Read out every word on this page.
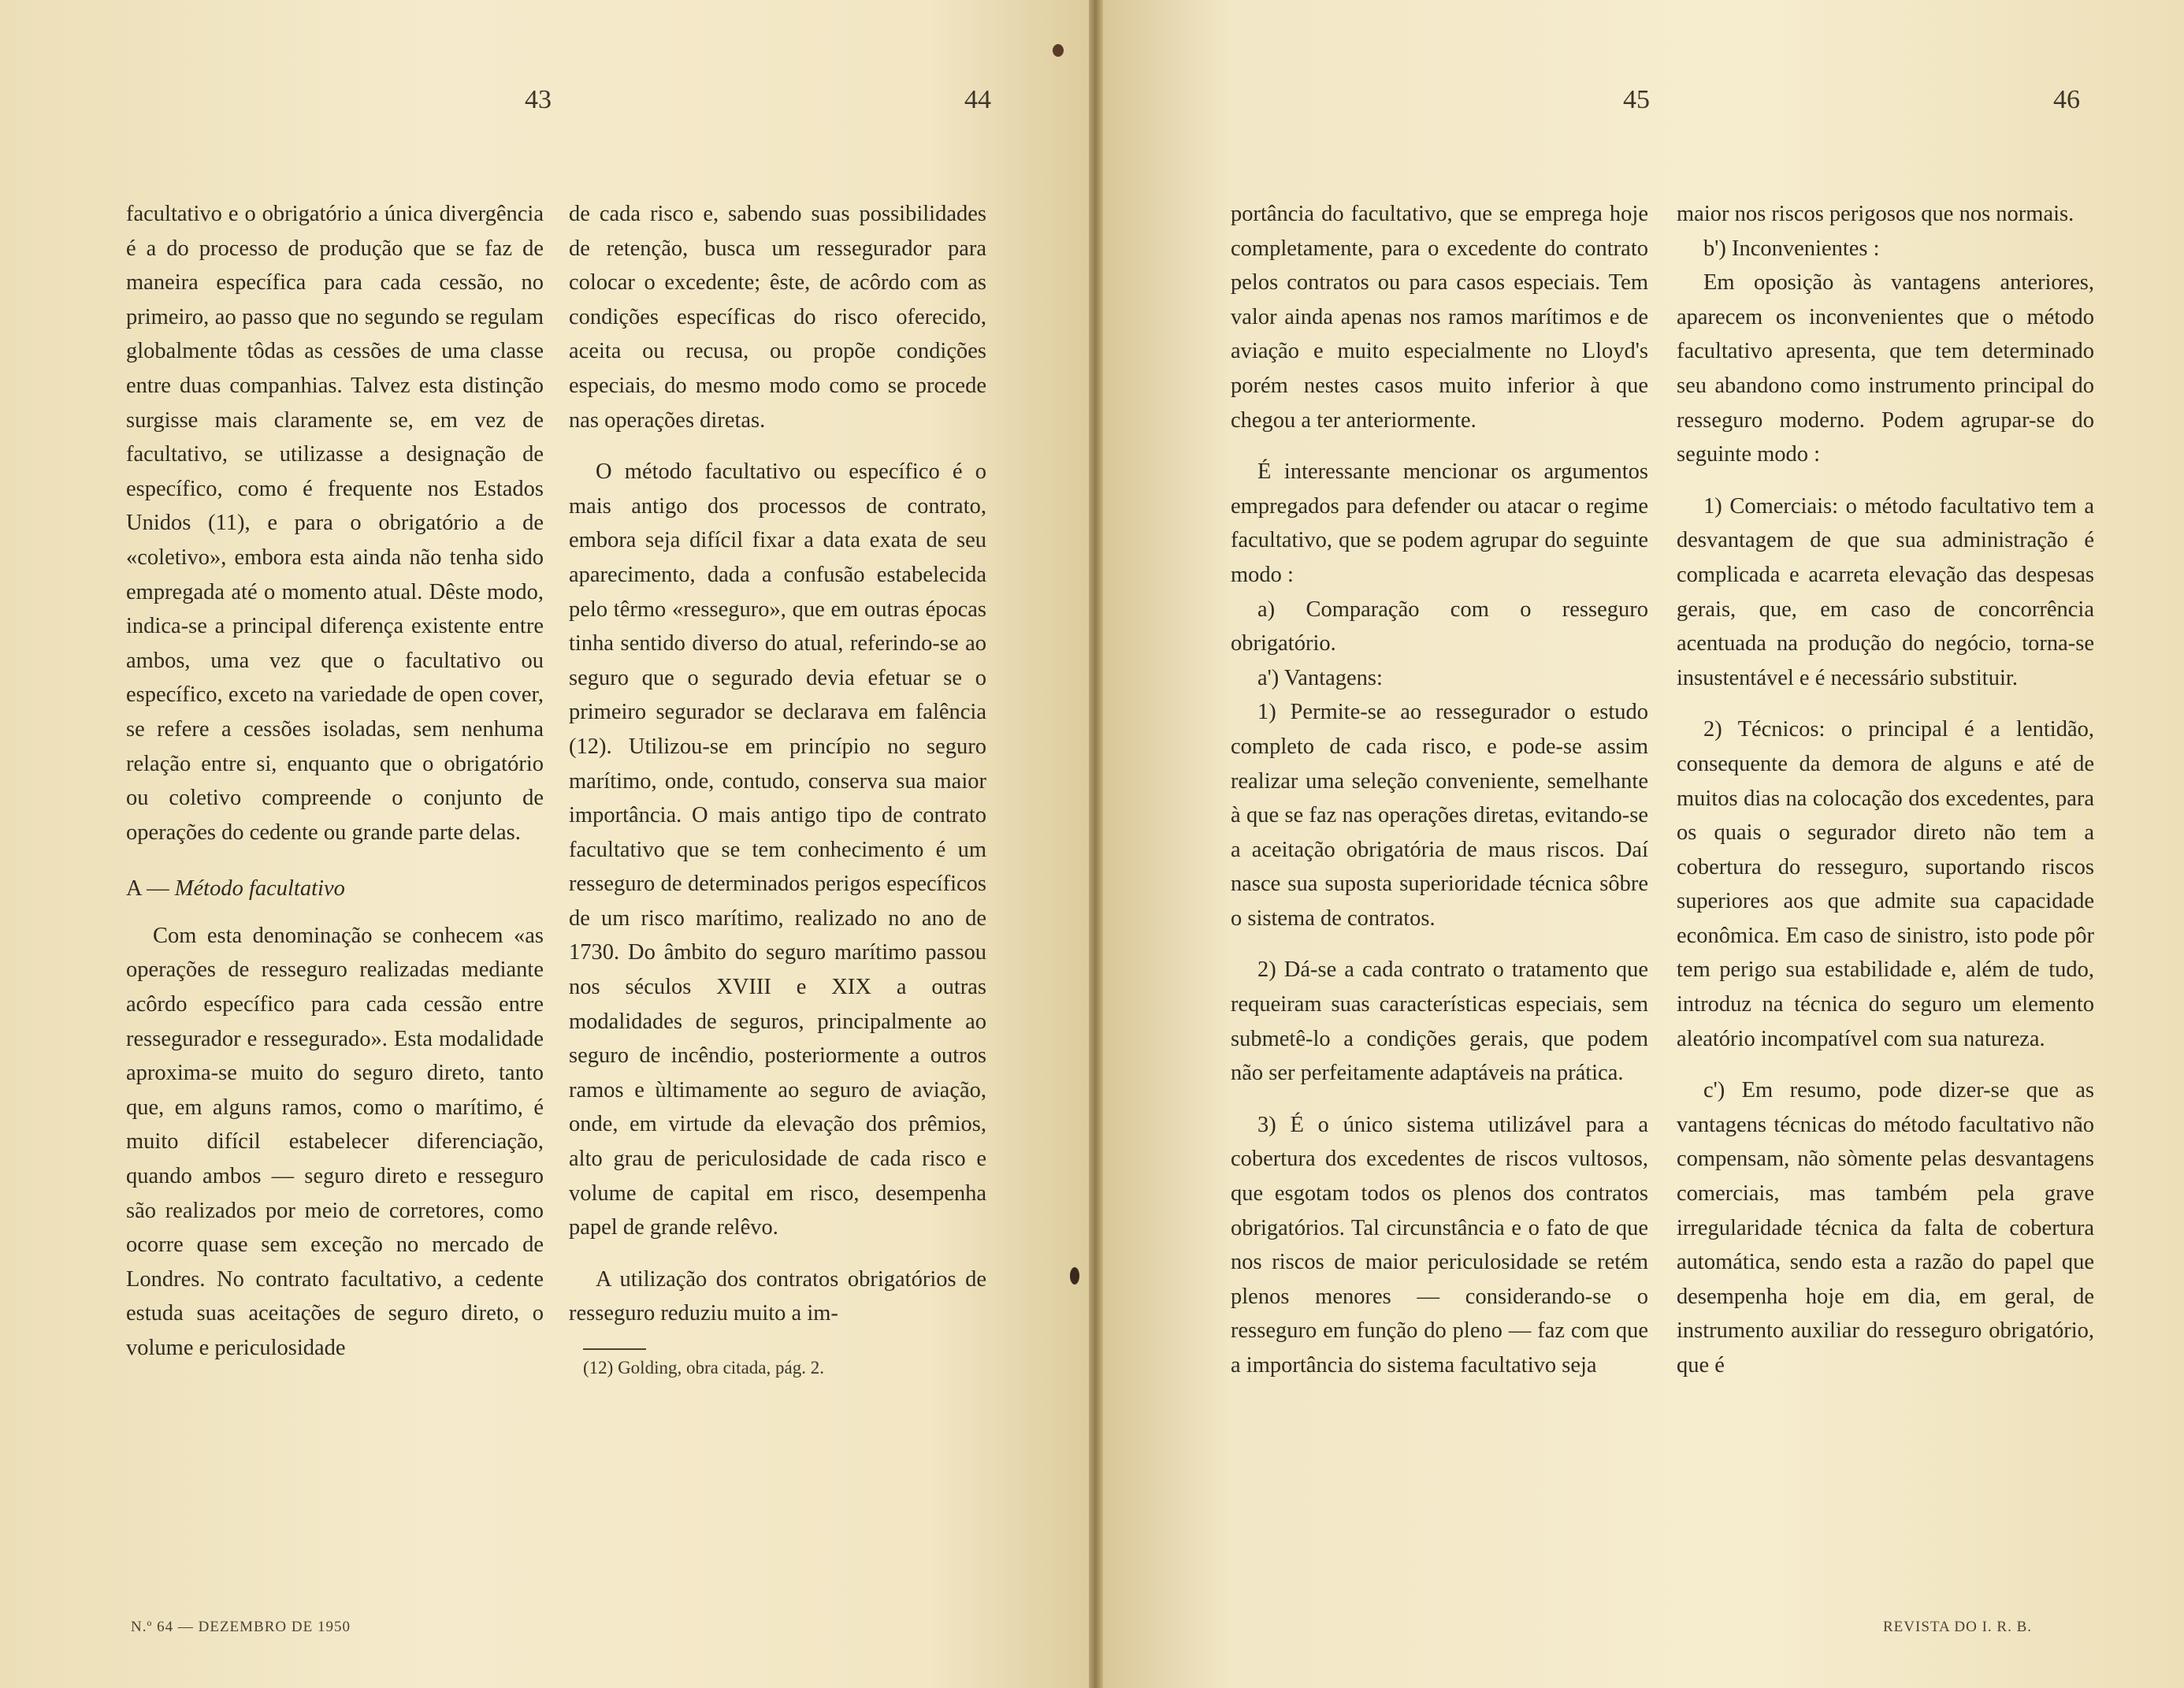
43	44	45	46

facultativo e o obrigatório a única divergência é a do processo de produção que se faz de maneira específica para cada cessão, no primeiro, ao passo que no segundo se regulam globalmente tôdas as cessões de uma classe entre duas companhias. Talvez esta distinção surgisse mais claramente se, em vez de facultativo, se utilizasse a designação de específico, como é frequente nos Estados Unidos (11), e para o obrigatório a de «coletivo», embora esta ainda não tenha sido empregada até o momento atual. Dêste modo, indica-se a principal diferença existente entre ambos, uma vez que o facultativo ou específico, exceto na variedade de open cover, se refere a cessões isoladas, sem nenhuma relação entre si, enquanto que o obrigatório ou coletivo compreende o conjunto de operações do cedente ou grande parte delas.

A — Método facultativo

Com esta denominação se conhecem «as operações de resseguro realizadas mediante acôrdo específico para cada cessão entre ressegurador e ressegurado». Esta modalidade aproxima-se muito do seguro direto, tanto que, em alguns ramos, como o marítimo, é muito difícil estabelecer diferenciação, quando ambos — seguro direto e resseguro são realizados por meio de corretores, como ocorre quase sem exceção no mercado de Londres. No contrato facultativo, a cedente estuda suas aceitações de seguro direto, o volume e periculosidade

de cada risco e, sabendo suas possibilidades de retenção, busca um ressegurador para colocar o excedente; êste, de acôrdo com as condições específicas do risco oferecido, aceita ou recusa, ou propõe condições especiais, do mesmo modo como se procede nas operações diretas.

O método facultativo ou específico é o mais antigo dos processos de contrato, embora seja difícil fixar a data exata de seu aparecimento, dada a confusão estabelecida pelo têrmo «resseguro», que em outras épocas tinha sentido diverso do atual, referindo-se ao seguro que o segurado devia efetuar se o primeiro segurador se declarava em falência (12). Utilizou-se em princípio no seguro marítimo, onde, contudo, conserva sua maior importância. O mais antigo tipo de contrato facultativo que se tem conhecimento é um resseguro de determinados perigos específicos de um risco marítimo, realizado no ano de 1730. Do âmbito do seguro marítimo passou nos séculos XVIII e XIX a outras modalidades de seguros, principalmente ao seguro de incêndio, posteriormente a outros ramos e ùltimamente ao seguro de aviação, onde, em virtude da elevação dos prêmios, alto grau de periculosidade de cada risco e volume de capital em risco, desempenha papel de grande relêvo.

A utilização dos contratos obrigatórios de resseguro reduziu muito a im-

(12) Golding, obra citada, pág. 2.

portância do facultativo, que se emprega hoje completamente, para o excedente do contrato pelos contratos ou para casos especiais. Tem valor ainda apenas nos ramos marítimos e de aviação e muito especialmente no Lloyd's porém nestes casos muito inferior à que chegou a ter anteriormente.

É interessante mencionar os argumentos empregados para defender ou atacar o regime facultativo, que se podem agrupar do seguinte modo :

a) Comparação com o resseguro obrigatório.

a') Vantagens:

1) Permite-se ao ressegurador o estudo completo de cada risco, e pode-se assim realizar uma seleção conveniente, semelhante à que se faz nas operações diretas, evitando-se a aceitação obrigatória de maus riscos. Daí nasce sua suposta superioridade técnica sôbre o sistema de contratos.

2) Dá-se a cada contrato o tratamento que requeiram suas características especiais, sem submetê-lo a condições gerais, que podem não ser perfeitamente adaptáveis na prática.

3) É o único sistema utilizável para a cobertura dos excedentes de riscos vultosos, que esgotam todos os plenos dos contratos obrigatórios. Tal circunstância e o fato de que nos riscos de maior periculosidade se retém plenos menores — considerando-se o resseguro em função do pleno — faz com que a importância do sistema facultativo seja

maior nos riscos perigosos que nos normais.

b') Inconvenientes :

Em oposição às vantagens anteriores, aparecem os inconvenientes que o método facultativo apresenta, que tem determinado seu abandono como instrumento principal do resseguro moderno. Podem agrupar-se do seguinte modo :

1) Comerciais: o método facultativo tem a desvantagem de que sua administração é complicada e acarreta elevação das despesas gerais, que, em caso de concorrência acentuada na produção do negócio, torna-se insustentável e é necessário substituir.

2) Técnicos: o principal é a lentidão, consequente da demora de alguns e até de muitos dias na colocação dos excedentes, para os quais o segurador direto não tem a cobertura do resseguro, suportando riscos superiores aos que admite sua capacidade econômica. Em caso de sinistro, isto pode pôr tem perigo sua estabilidade e, além de tudo, introduz na técnica do seguro um elemento aleatório incompatível com sua natureza.

c') Em resumo, pode dizer-se que as vantagens técnicas do método facultativo não compensam, não sòmente pelas desvantagens comerciais, mas também pela grave irregularidade técnica da falta de cobertura automática, sendo esta a razão do papel que desempenha hoje em dia, em geral, de instrumento auxiliar do resseguro obrigatório, que é

N.º 64 — DEZEMBRO DE 1950	REVISTA DO I. R. B.
